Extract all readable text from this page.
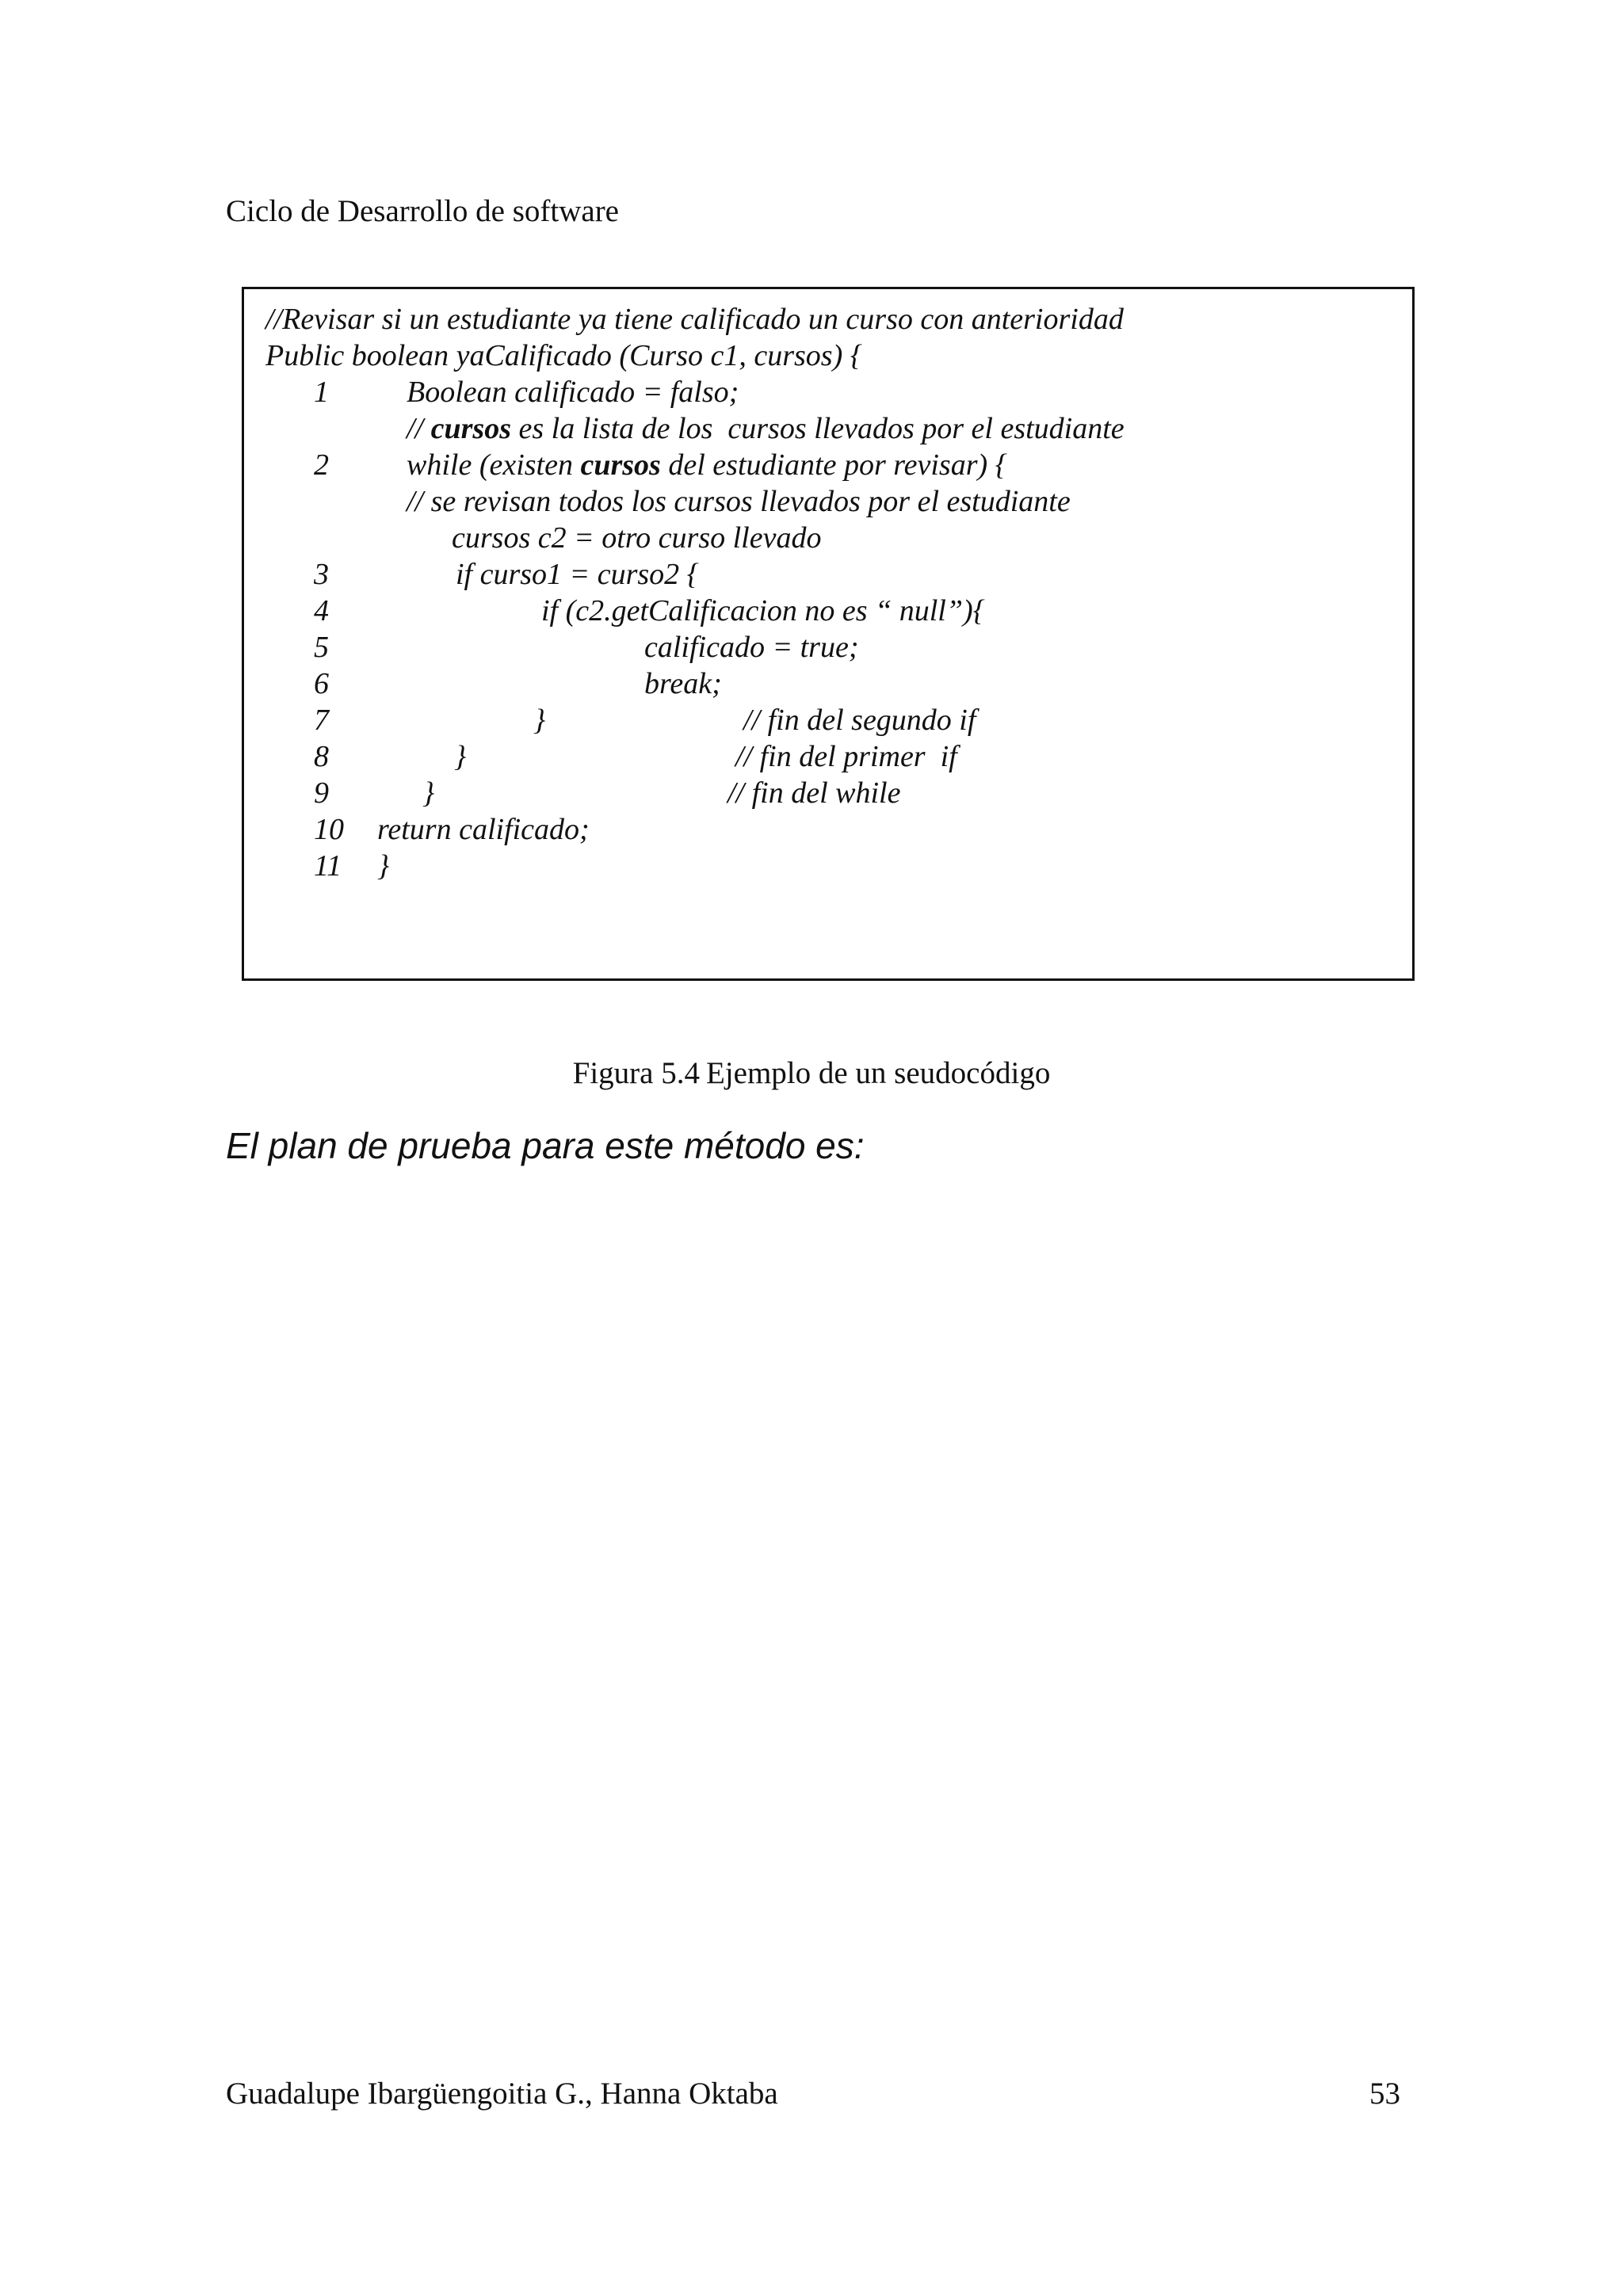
Ciclo de Desarrollo de software
//Revisar si un estudiante ya tiene calificado un curso con anterioridad
Public boolean yaCalificado (Curso c1, cursos) {
1	Boolean calificado = falso;
// cursos es la lista de los  cursos llevados por el estudiante
2	while (existen cursos del estudiante por revisar) {
// se revisan todos los cursos llevados por el estudiante
cursos c2 = otro curso llevado
3	if curso1 = curso2 {
4	if (c2.getCalificacion no es “ null”){
5	calificado = true;
6	break;
7	}	// fin del segundo if
8	}	// fin del primer  if
9	}	// fin del while
10 return calificado;
11 }
Figura 5.4 Ejemplo de un seudocódigo
El plan de prueba para este método es:
Guadalupe Ibargüengoitia G., Hanna Oktaba	53
